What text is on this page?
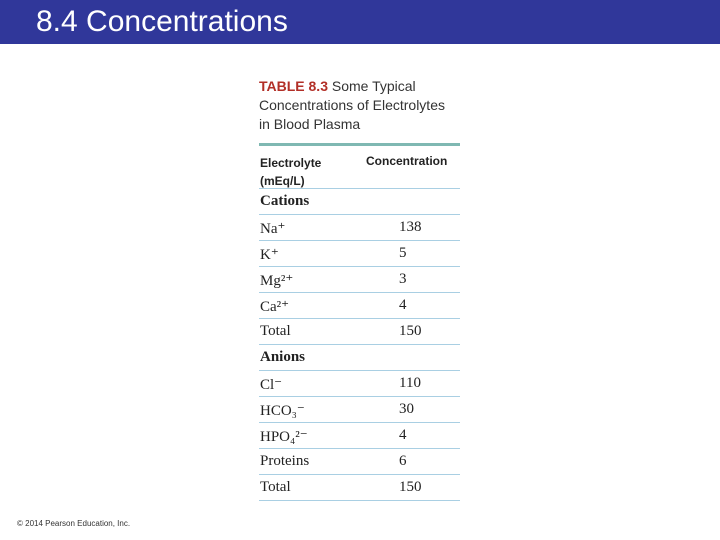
8.4 Concentrations
TABLE 8.3 Some Typical
Concentrations of Electrolytes
in Blood Plasma
Electrolyte
(mEq/L)
Concentration
Cations
Na⁺	138
K⁺	5
Mg²⁺	3
Ca²⁺	4
Total	150
Anions
Cl⁻	110
HCO₃⁻	30
HPO₄²⁻	4
Proteins	6
Total	150
© 2014 Pearson Education, Inc.
